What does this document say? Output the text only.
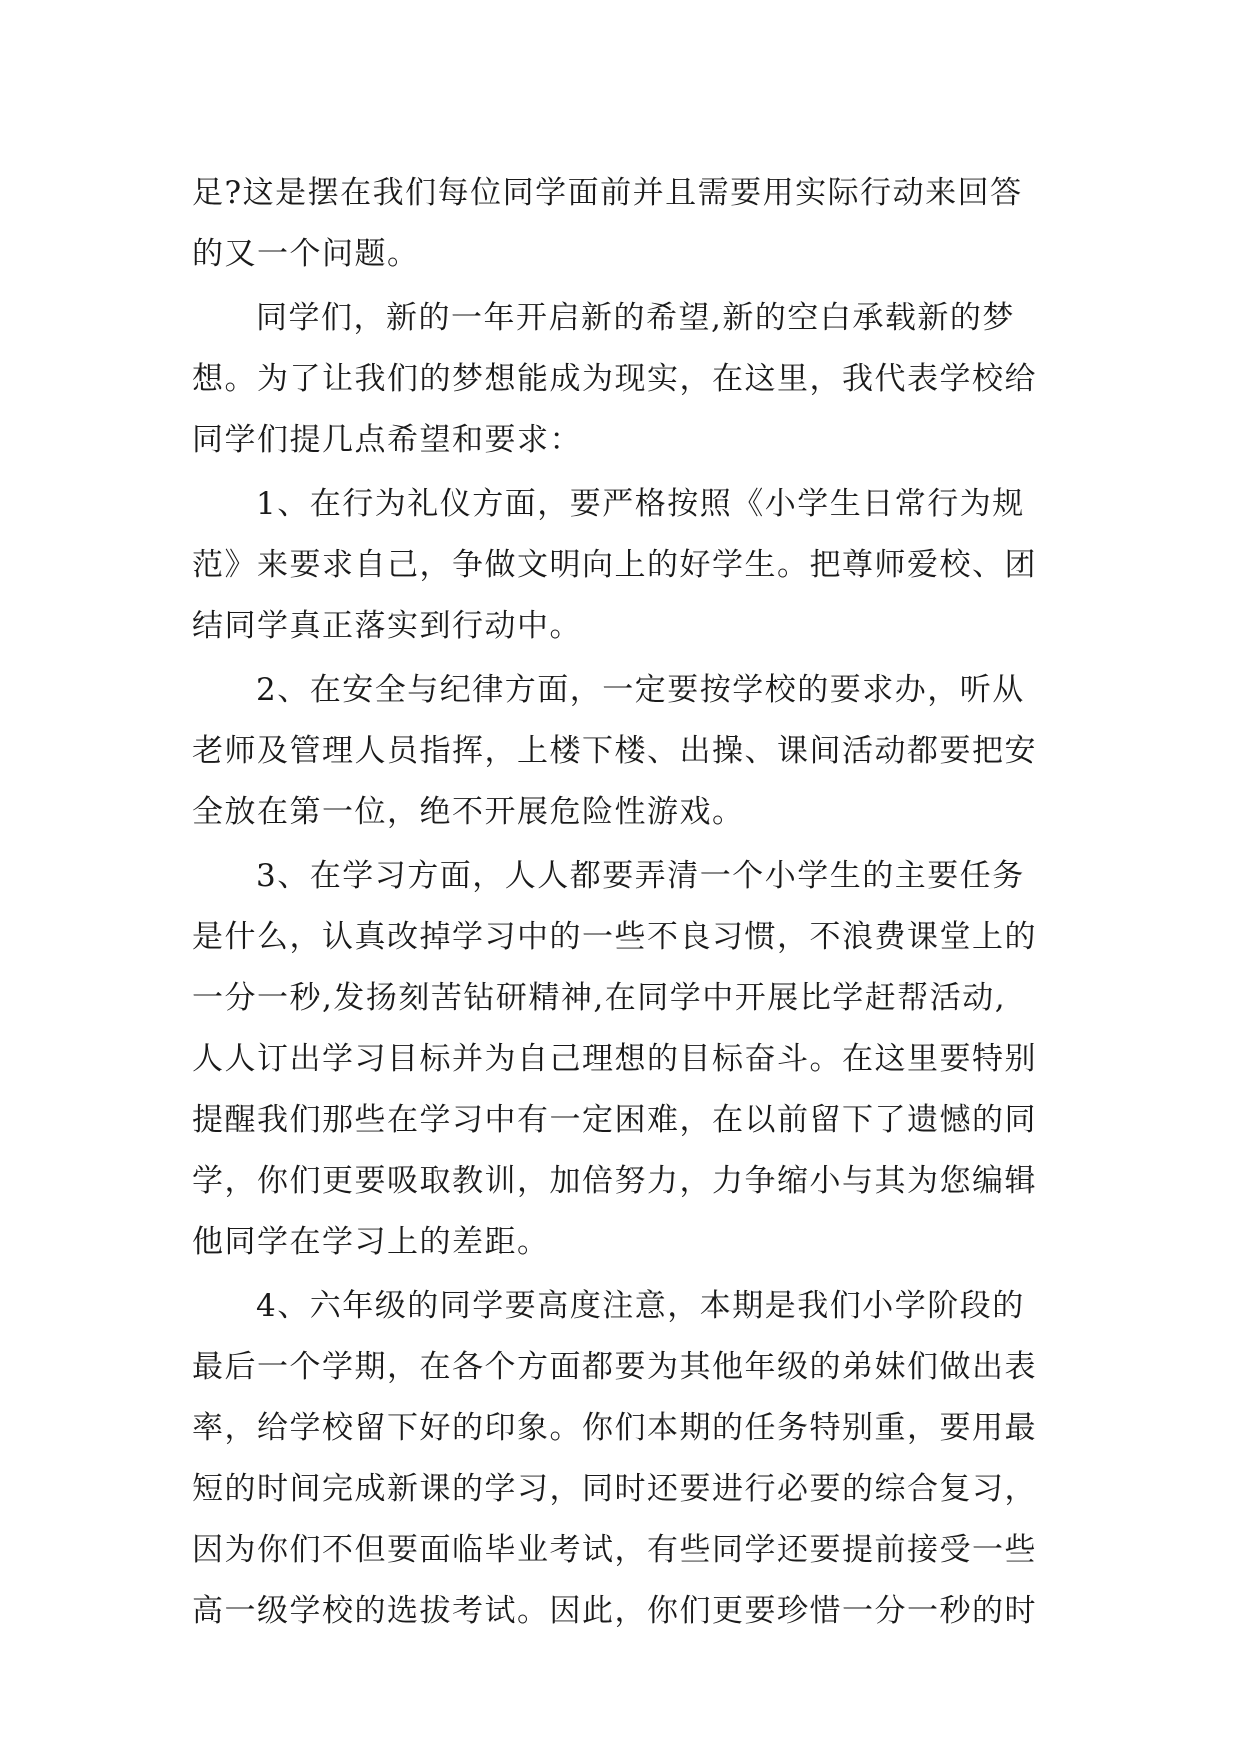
足?这是摆在我们每位同学面前并且需要用实际行动来回答
的又一个问题。
同学们，新的一年开启新的希望,新的空白承载新的梦
想。为了让我们的梦想能成为现实，在这里，我代表学校给
同学们提几点希望和要求：
1、在行为礼仪方面，要严格按照《小学生日常行为规
范》来要求自己，争做文明向上的好学生。把尊师爱校、团
结同学真正落实到行动中。
2、在安全与纪律方面，一定要按学校的要求办，听从
老师及管理人员指挥，上楼下楼、出操、课间活动都要把安
全放在第一位，绝不开展危险性游戏。
3、在学习方面，人人都要弄清一个小学生的主要任务
是什么，认真改掉学习中的一些不良习惯，不浪费课堂上的
一分一秒,发扬刻苦钻研精神,在同学中开展比学赶帮活动,
人人订出学习目标并为自己理想的目标奋斗。在这里要特别
提醒我们那些在学习中有一定困难，在以前留下了遗憾的同
学，你们更要吸取教训，加倍努力，力争缩小与其为您编辑
他同学在学习上的差距。
4、六年级的同学要高度注意，本期是我们小学阶段的
最后一个学期，在各个方面都要为其他年级的弟妹们做出表
率，给学校留下好的印象。你们本期的任务特别重，要用最
短的时间完成新课的学习，同时还要进行必要的综合复习，
因为你们不但要面临毕业考试，有些同学还要提前接受一些
高一级学校的选拔考试。因此，你们更要珍惜一分一秒的时
